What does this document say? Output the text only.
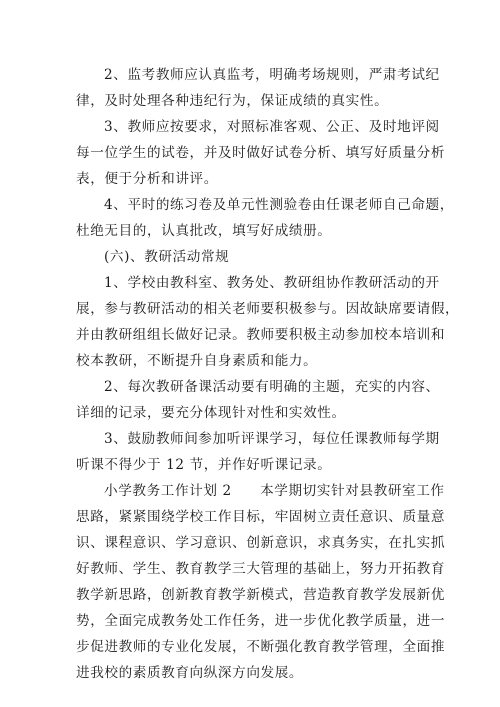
2、监考教师应认真监考，明确考场规则，严肃考试纪
律，及时处理各种违纪行为，保证成绩的真实性。
3、教师应按要求，对照标准客观、公正、及时地评阅
每一位学生的试卷，并及时做好试卷分析、填写好质量分析
表，便于分析和讲评。
4、平时的练习卷及单元性测验卷由任课老师自己命题，
杜绝无目的，认真批改，填写好成绩册。
(六)、教研活动常规
1、学校由教科室、教务处、教研组协作教研活动的开
展，参与教研活动的相关老师要积极参与。因故缺席要请假，
并由教研组组长做好记录。教师要积极主动参加校本培训和
校本教研，不断提升自身素质和能力。
2、每次教研备课活动要有明确的主题，充实的内容、
详细的记录，要充分体现针对性和实效性。
3、鼓励教师间参加听评课学习，每位任课教师每学期
听课不得少于 12 节，并作好听课记录。
小学教务工作计划 2　　本学期切实针对县教研室工作
思路，紧紧围绕学校工作目标，牢固树立责任意识、质量意
识、课程意识、学习意识、创新意识，求真务实，在扎实抓
好教师、学生、教育教学三大管理的基础上，努力开拓教育
教学新思路，创新教育教学新模式，营造教育教学发展新优
势，全面完成教务处工作任务，进一步优化教学质量，进一
步促进教师的专业化发展，不断强化教育教学管理，全面推
进我校的素质教育向纵深方向发展。
